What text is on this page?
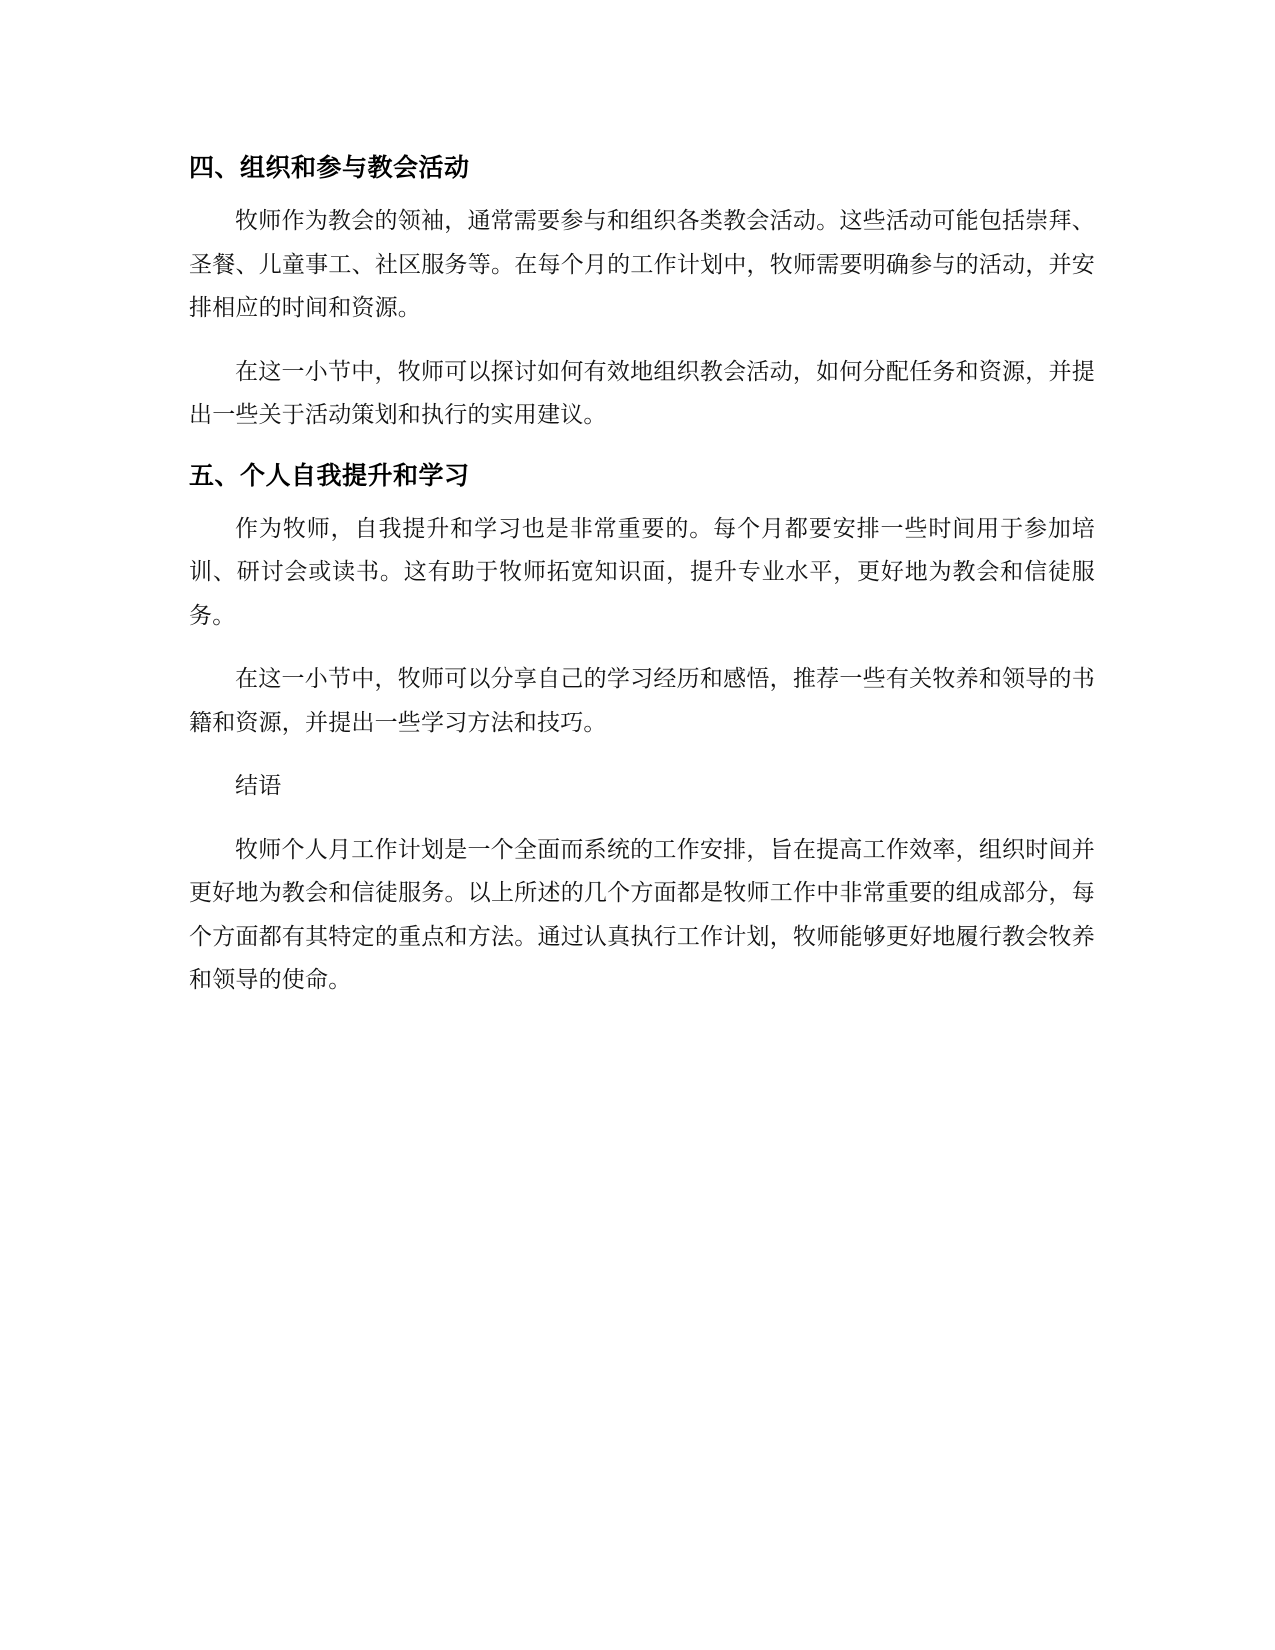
四、组织和参与教会活动

牧师作为教会的领袖，通常需要参与和组织各类教会活动。这些活动可能包括崇拜、圣餐、儿童事工、社区服务等。在每个月的工作计划中，牧师需要明确参与的活动，并安排相应的时间和资源。

在这一小节中，牧师可以探讨如何有效地组织教会活动，如何分配任务和资源，并提出一些关于活动策划和执行的实用建议。

五、个人自我提升和学习

作为牧师，自我提升和学习也是非常重要的。每个月都要安排一些时间用于参加培训、研讨会或读书。这有助于牧师拓宽知识面，提升专业水平，更好地为教会和信徒服务。

在这一小节中，牧师可以分享自己的学习经历和感悟，推荐一些有关牧养和领导的书籍和资源，并提出一些学习方法和技巧。

结语

牧师个人月工作计划是一个全面而系统的工作安排，旨在提高工作效率，组织时间并更好地为教会和信徒服务。以上所述的几个方面都是牧师工作中非常重要的组成部分，每个方面都有其特定的重点和方法。通过认真执行工作计划，牧师能够更好地履行教会牧养和领导的使命。
